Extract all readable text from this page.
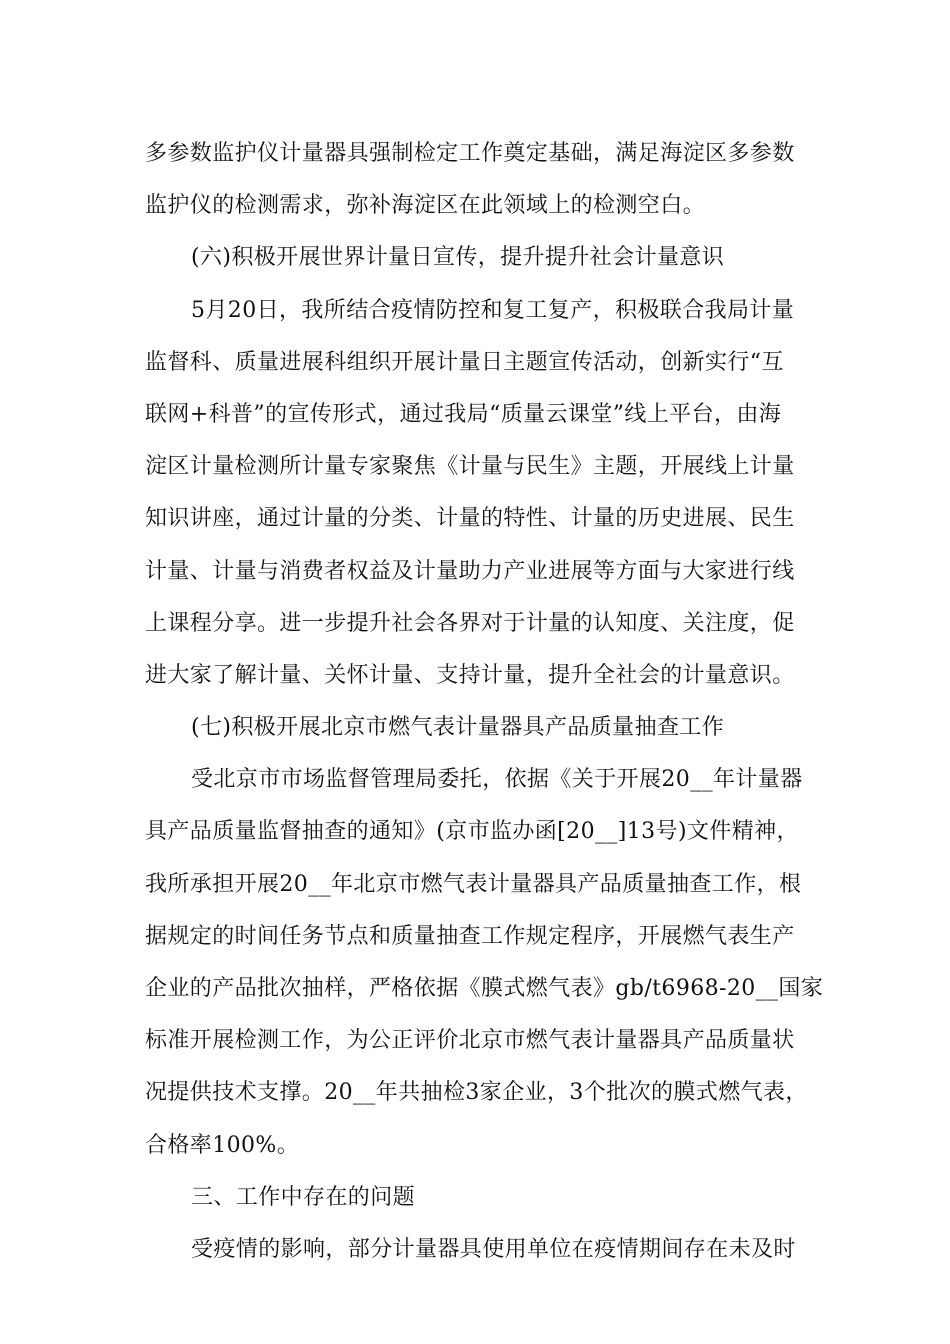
多参数监护仪计量器具强制检定工作奠定基础，满足海淀区多参数
监护仪的检测需求，弥补海淀区在此领域上的检测空白。
(六)积极开展世界计量日宣传，提升提升社会计量意识
5月20日，我所结合疫情防控和复工复产，积极联合我局计量
监督科、质量进展科组织开展计量日主题宣传活动，创新实行“互
联网+科普”的宣传形式，通过我局“质量云课堂”线上平台，由海
淀区计量检测所计量专家聚焦《计量与民生》主题，开展线上计量
知识讲座，通过计量的分类、计量的特性、计量的历史进展、民生
计量、计量与消费者权益及计量助力产业进展等方面与大家进行线
上课程分享。进一步提升社会各界对于计量的认知度、关注度，促
进大家了解计量、关怀计量、支持计量，提升全社会的计量意识。
(七)积极开展北京市燃气表计量器具产品质量抽查工作
受北京市市场监督管理局委托，依据《关于开展20__年计量器
具产品质量监督抽查的通知》(京市监办函[20__]13号)文件精神，
我所承担开展20__年北京市燃气表计量器具产品质量抽查工作，根
据规定的时间任务节点和质量抽查工作规定程序，开展燃气表生产
企业的产品批次抽样，严格依据《膜式燃气表》gb/t6968-20__国家
标准开展检测工作，为公正评价北京市燃气表计量器具产品质量状
况提供技术支撑。20__年共抽检3家企业，3个批次的膜式燃气表，
合格率100%。
三、工作中存在的问题
受疫情的影响，部分计量器具使用单位在疫情期间存在未及时
